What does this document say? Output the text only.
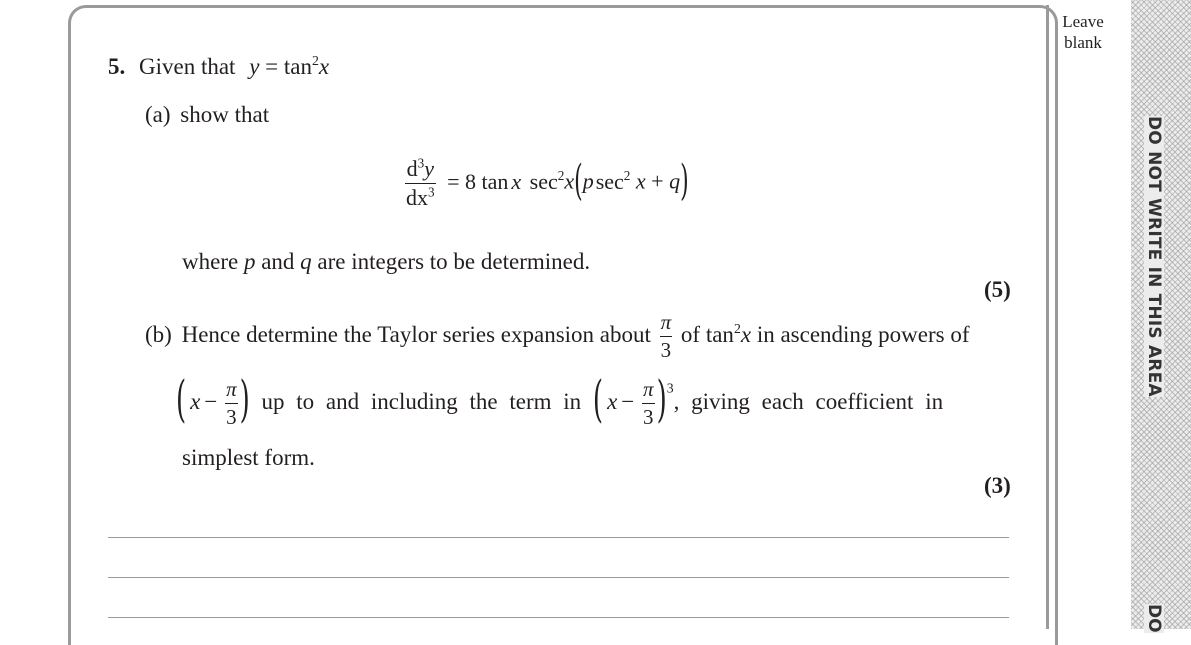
Leave
blank
DO NOT WRITE IN THIS AREA
DO
5. Given that $y = \tan^2x$
(a) show that
$\frac{d^3y}{dx^3} = 8$ tan x $\sec^2x(psec^2$ x + q)
where p and q are integers to be determined.
(5)
(b) Hence determine the Taylor series expansion about $\frac{\pi}{3}$ of $\tan^2x$ in ascending powers of
( $x - \frac{\pi}{3}$ ) up to and including the term in ( $x - \frac{\pi}{3} )^3$, giving each coefficient in
simplest form.
(3)
